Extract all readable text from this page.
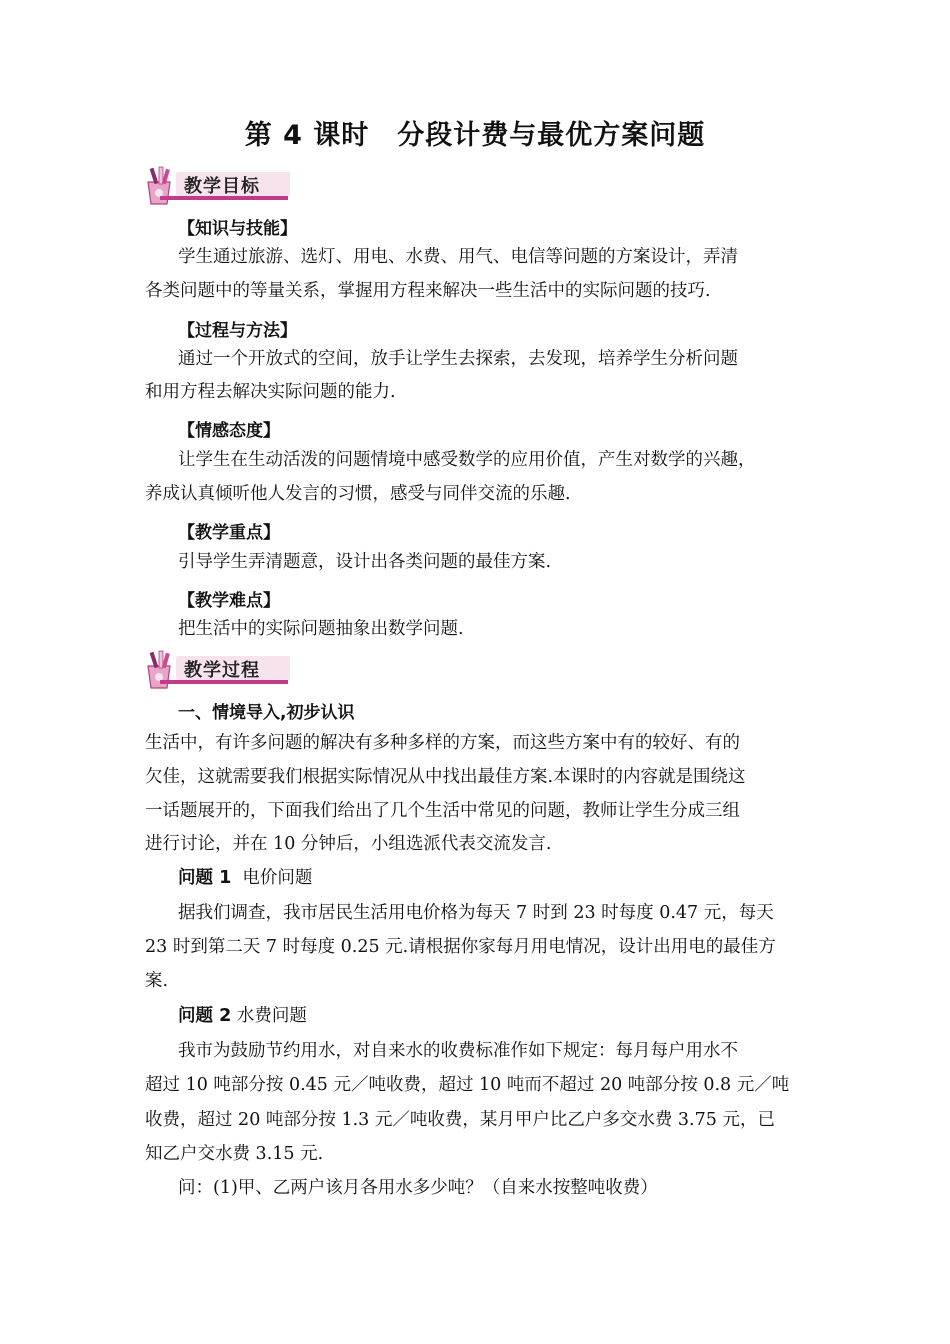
第 4 课时 分段计费与最优方案问题
教学目标
【知识与技能】
学生通过旅游、选灯、用电、水费、用气、电信等问题的方案设计，弄清
各类问题中的等量关系，掌握用方程来解决一些生活中的实际问题的技巧.
【过程与方法】
通过一个开放式的空间，放手让学生去探索，去发现，培养学生分析问题
和用方程去解决实际问题的能力.
【情感态度】
让学生在生动活泼的问题情境中感受数学的应用价值，产生对数学的兴趣，
养成认真倾听他人发言的习惯，感受与同伴交流的乐趣.
【教学重点】
引导学生弄清题意，设计出各类问题的最佳方案.
【教学难点】
把生活中的实际问题抽象出数学问题.
教学过程
一、情境导入,初步认识
生活中，有许多问题的解决有多种多样的方案，而这些方案中有的较好、有的
欠佳，这就需要我们根据实际情况从中找出最佳方案.本课时的内容就是围绕这
一话题展开的，下面我们给出了几个生活中常见的问题，教师让学生分成三组
进行讨论，并在 10 分钟后，小组选派代表交流发言.
问题 1 电价问题
据我们调查，我市居民生活用电价格为每天 7 时到 23 时每度 0.47 元，每天
23 时到第二天 7 时每度 0.25 元.请根据你家每月用电情况，设计出用电的最佳方
案.
问题 2 水费问题
我市为鼓励节约用水，对自来水的收费标准作如下规定：每月每户用水不
超过 10 吨部分按 0.45 元／吨收费，超过 10 吨而不超过 20 吨部分按 0.8 元／吨
收费，超过 20 吨部分按 1.3 元／吨收费，某月甲户比乙户多交水费 3.75 元，已
知乙户交水费 3.15 元.
问：(1)甲、乙两户该月各用水多少吨？（自来水按整吨收费）
